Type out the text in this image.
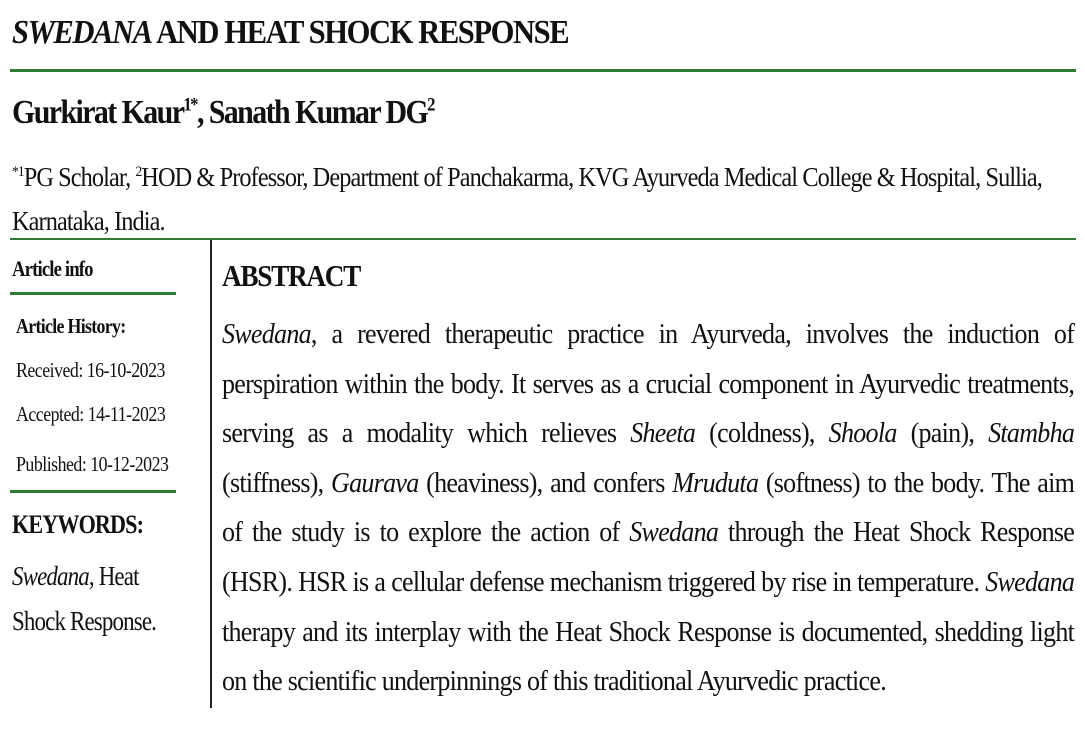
SWEDANA AND HEAT SHOCK RESPONSE
Gurkirat Kaur$^{1*}$, Sanath Kumar $DG^2$
$^{*1}$PG Scholar, $^2$HOD & Professor, Department of Panchakarma, KVG Ayurveda Medical College & Hospital, Sullia, Karnataka, India.
Article info
Article History:
Received: 16-10-2023
Accepted: 14-11-2023
Published: 10-12-2023
KEYWORDS:
Swedana, Heat Shock Response.
ABSTRACT
Swedana, a revered therapeutic practice in Ayurveda, involves the induction of perspiration within the body. It serves as a crucial component in Ayurvedic treatments, serving as a modality which relieves Sheeta (coldness), Shoola (pain), Stambha (stiffness), Gaurava (heaviness), and confers Mruduta (softness) to the body. The aim of the study is to explore the action of Swedana through the Heat Shock Response (HSR). HSR is a cellular defense mechanism triggered by rise in temperature. Swedana therapy and its interplay with the Heat Shock Response is documented, shedding light on the scientific underpinnings of this traditional Ayurvedic practice.
